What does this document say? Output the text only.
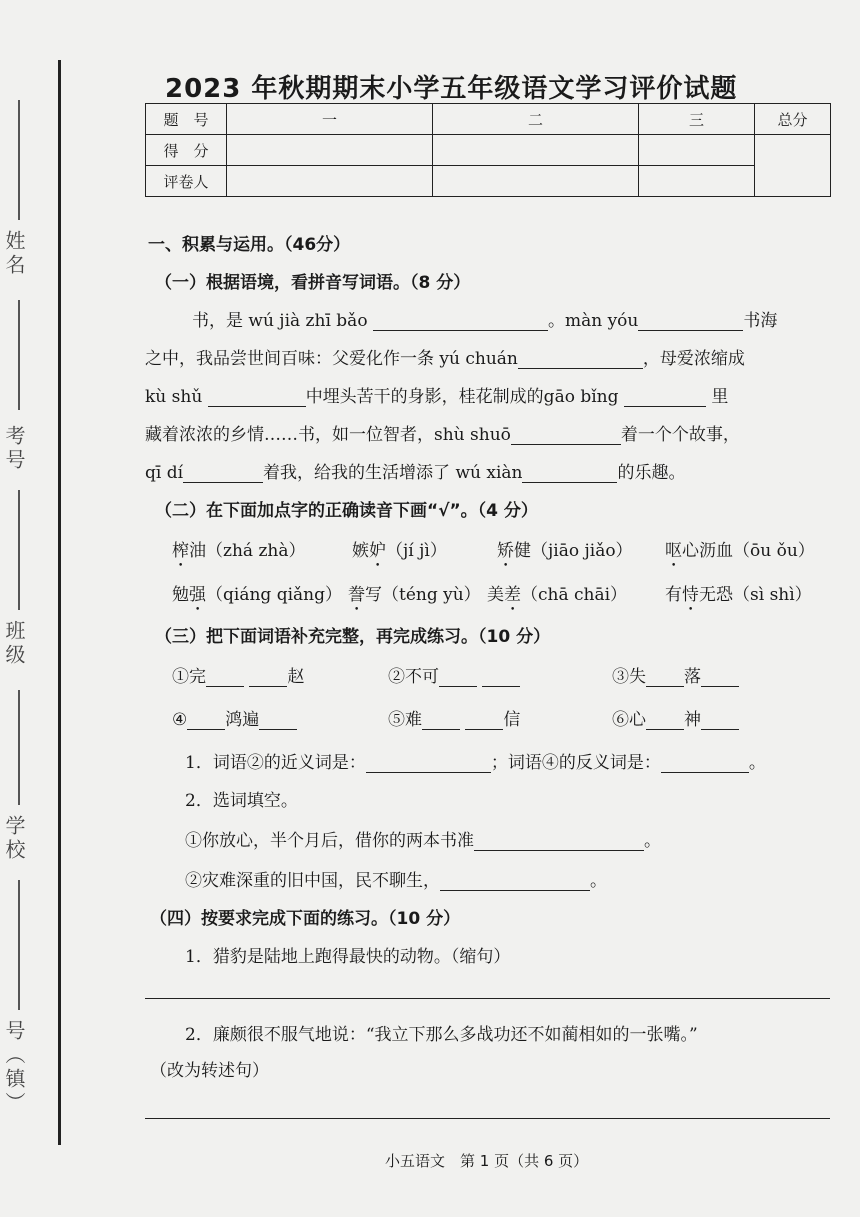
姓名
考号
班级
学校
号（镇）
2023 年秋期期末小学五年级语文学习评价试题
题　号	一	二	三	总分
得　分				
评卷人				
一、积累与运用。（46分）
（一）根据语境，看拼音写词语。（8 分）
书，是 wú jià zhī bǎo	。màn yóu	书海
之中，我品尝世间百味：父爱化作一条 yú chuán	，母爱浓缩成
kù shǔ	中埋头苦干的身影，桂花制成的gāo bǐng	里
藏着浓浓的乡情……书，如一位智者，shù shuō	着一个个故事，
qī dí	着我，给我的生活增添了 wú xiàn	的乐趣。
（二）在下面加点字的正确读音下画“√”。（4 分）
榨油（zhá zhà）	嫉妒（jí jì）	矫健（jiāo jiǎo） 呕心沥血（ōu ǒu）
勉强（qiáng qiǎng） 誊写（téng yù） 美差（chā chāi） 有恃无恐（sì shì）
（三）把下面词语补充完整，再完成练习。（10 分）
①完	赵	②不可	③失 落
④ 鸿遍	⑤难	信	⑥心 神
1．词语②的近义词是：	；词语④的反义词是：	。
2．选词填空。
①你放心，半个月后，借你的两本书准	。
②灾难深重的旧中国，民不聊生，	。
（四）按要求完成下面的练习。（10 分）
1．猎豹是陆地上跑得最快的动物。（缩句）
2．廉颇很不服气地说：“我立下那么多战功还不如蔺相如的一张嘴。”
（改为转述句）
小五语文　第 1 页（共 6 页）
